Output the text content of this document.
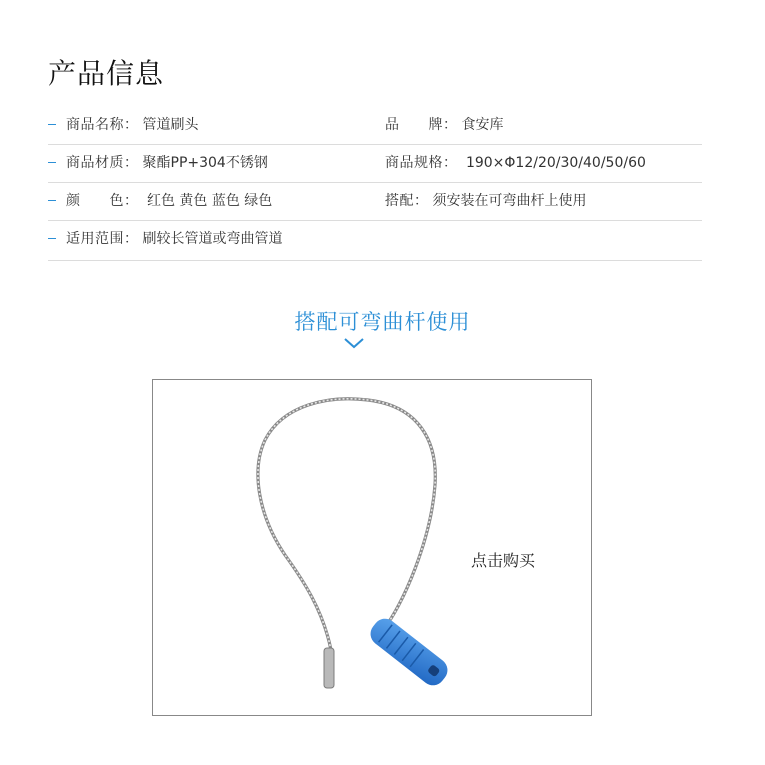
产品信息
商品名称： 管道刷头	品　　牌： 食安库
商品材质： 聚酯PP+304不锈钢	商品规格： 190×Φ12/20/30/40/50/60
颜　　色： 红色 黄色 蓝色 绿色	搭配： 须安装在可弯曲杆上使用
适用范围： 刷较长管道或弯曲管道
搭配可弯曲杆使用
点击购买
